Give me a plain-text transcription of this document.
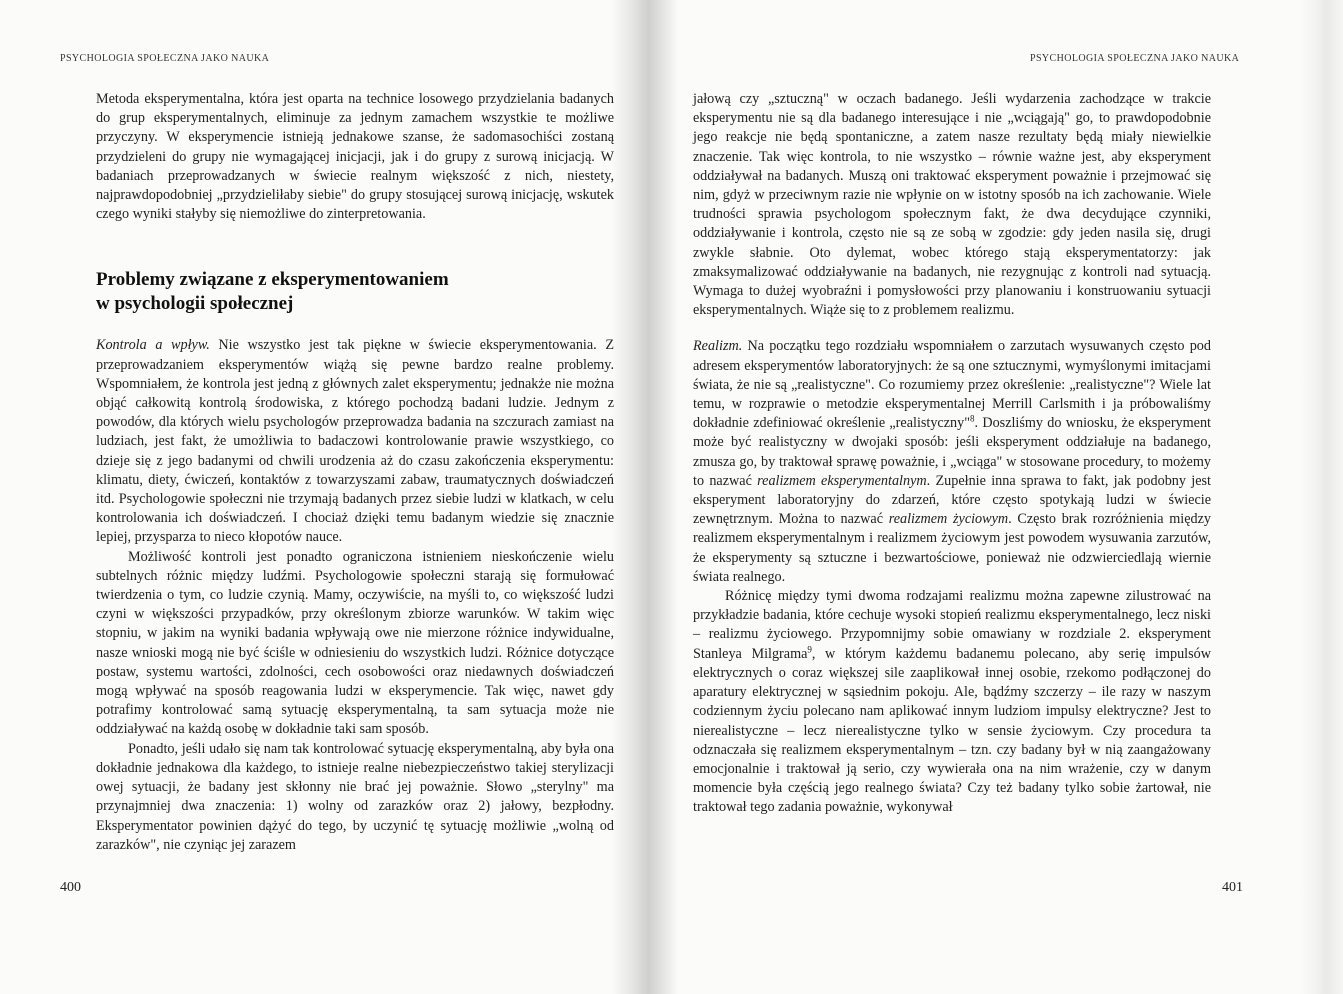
PSYCHOLOGIA SPOŁECZNA JAKO NAUKA

Metoda eksperymentalna, która jest oparta na technice losowego przydzielania badanych do grup eksperymentalnych, eliminuje za jednym zamachem wszystkie te możliwe przyczyny. W eksperymencie istnieją jednakowe szanse, że sadomasochiści zostaną przydzieleni do grupy nie wymagającej inicjacji, jak i do grupy z surową inicjacją. W badaniach przeprowadzanych w świecie realnym większość z nich, niestety, najprawdopodobniej „przydzieliłaby siebie" do grupy stosującej surową inicjację, wskutek czego wyniki stałyby się niemożliwe do zinterpretowania.

Problemy związane z eksperymentowaniem
w psychologii społecznej

Kontrola a wpływ. Nie wszystko jest tak piękne w świecie eksperymentowania. Z przeprowadzaniem eksperymentów wiążą się pewne bardzo realne problemy. Wspomniałem, że kontrola jest jedną z głównych zalet eksperymentu; jednakże nie można objąć całkowitą kontrolą środowiska, z którego pochodzą badani ludzie. Jednym z powodów, dla których wielu psychologów przeprowadza badania na szczurach zamiast na ludziach, jest fakt, że umożliwia to badaczowi kontrolowanie prawie wszystkiego, co dzieje się z jego badanymi od chwili urodzenia aż do czasu zakończenia eksperymentu: klimatu, diety, ćwiczeń, kontaktów z towarzyszami zabaw, traumatycznych doświadczeń itd. Psychologowie społeczni nie trzymają badanych przez siebie ludzi w klatkach, w celu kontrolowania ich doświadczeń. I chociaż dzięki temu badanym wiedzie się znacznie lepiej, przysparza to nieco kłopotów nauce.

Możliwość kontroli jest ponadto ograniczona istnieniem nieskończenie wielu subtelnych różnic między ludźmi. Psychologowie społeczni starają się formułować twierdzenia o tym, co ludzie czynią. Mamy, oczywiście, na myśli to, co większość ludzi czyni w większości przypadków, przy określonym zbiorze warunków. W takim więc stopniu, w jakim na wyniki badania wpływają owe nie mierzone różnice indywidualne, nasze wnioski mogą nie być ściśle w odniesieniu do wszystkich ludzi. Różnice dotyczące postaw, systemu wartości, zdolności, cech osobowości oraz niedawnych doświadczeń mogą wpływać na sposób reagowania ludzi w eksperymencie. Tak więc, nawet gdy potrafimy kontrolować samą sytuację eksperymentalną, ta sam sytuacja może nie oddziaływać na każdą osobę w dokładnie taki sam sposób.

Ponadto, jeśli udało się nam tak kontrolować sytuację eksperymentalną, aby była ona dokładnie jednakowa dla każdego, to istnieje realne niebezpieczeństwo takiej sterylizacji owej sytuacji, że badany jest skłonny nie brać jej poważnie. Słowo „sterylny" ma przynajmniej dwa znaczenia: 1) wolny od zarazków oraz 2) jałowy, bezpłodny. Eksperymentator powinien dążyć do tego, by uczynić tę sytuację możliwie „wolną od zarazków", nie czyniąc jej zarazem

400
PSYCHOLOGIA SPOŁECZNA JAKO NAUKA

jałową czy „sztuczną" w oczach badanego. Jeśli wydarzenia zachodzące w trakcie eksperymentu nie są dla badanego interesujące i nie „wciągają" go, to prawdopodobnie jego reakcje nie będą spontaniczne, a zatem nasze rezultaty będą miały niewielkie znaczenie. Tak więc kontrola, to nie wszystko – równie ważne jest, aby eksperyment oddziaływał na badanych. Muszą oni traktować eksperyment poważnie i przejmować się nim, gdyż w przeciwnym razie nie wpłynie on w istotny sposób na ich zachowanie. Wiele trudności sprawia psychologom społecznym fakt, że dwa decydujące czynniki, oddziaływanie i kontrola, często nie są ze sobą w zgodzie: gdy jeden nasila się, drugi zwykle słabnie. Oto dylemat, wobec którego stają eksperymentatorzy: jak zmaksymalizować oddziaływanie na badanych, nie rezygnując z kontroli nad sytuacją. Wymaga to dużej wyobraźni i pomysłowości przy planowaniu i konstruowaniu sytuacji eksperymentalnych. Wiąże się to z problemem realizmu.

Realizm. Na początku tego rozdziału wspomniałem o zarzutach wysuwanych często pod adresem eksperymentów laboratoryjnych: że są one sztucznymi, wymyślonymi imitacjami świata, że nie są „realistyczne". Co rozumiemy przez określenie: „realistyczne"? Wiele lat temu, w rozprawie o metodzie eksperymentalnej Merrill Carlsmith i ja próbowaliśmy dokładnie zdefiniować określenie „realistyczny"$^8$. Doszliśmy do wniosku, że eksperyment może być realistyczny w dwojaki sposób: jeśli eksperyment oddziałuje na badanego, zmusza go, by traktował sprawę poważnie, i „wciąga" w stosowane procedury, to możemy to nazwać realizmem eksperymentalnym. Zupełnie inna sprawa to fakt, jak podobny jest eksperyment laboratoryjny do zdarzeń, które często spotykają ludzi w świecie zewnętrznym. Można to nazwać realizmem życiowym. Często brak rozróżnienia między realizmem eksperymentalnym i realizmem życiowym jest powodem wysuwania zarzutów, że eksperymenty są sztuczne i bezwartościowe, ponieważ nie odzwierciedlają wiernie świata realnego.

Różnicę między tymi dwoma rodzajami realizmu można zapewne zilustrować na przykładzie badania, które cechuje wysoki stopień realizmu eksperymentalnego, lecz niski – realizmu życiowego. Przypomnijmy sobie omawiany w rozdziale 2. eksperyment Stanleya Milgrama$^9$, w którym każdemu badanemu polecano, aby serię impulsów elektrycznych o coraz większej sile zaaplikował innej osobie, rzekomo podłączonej do aparatury elektrycznej w sąsiednim pokoju. Ale, bądźmy szczerzy – ile razy w naszym codziennym życiu polecano nam aplikować innym ludziom impulsy elektryczne? Jest to nierealistyczne – lecz nierealistyczne tylko w sensie życiowym. Czy procedura ta odznaczała się realizmem eksperymentalnym – tzn. czy badany był w nią zaangażowany emocjonalnie i traktował ją serio, czy wywierała ona na nim wrażenie, czy w danym momencie była częścią jego realnego świata? Czy też badany tylko sobie żartował, nie traktował tego zadania poważnie, wykonywał

401
